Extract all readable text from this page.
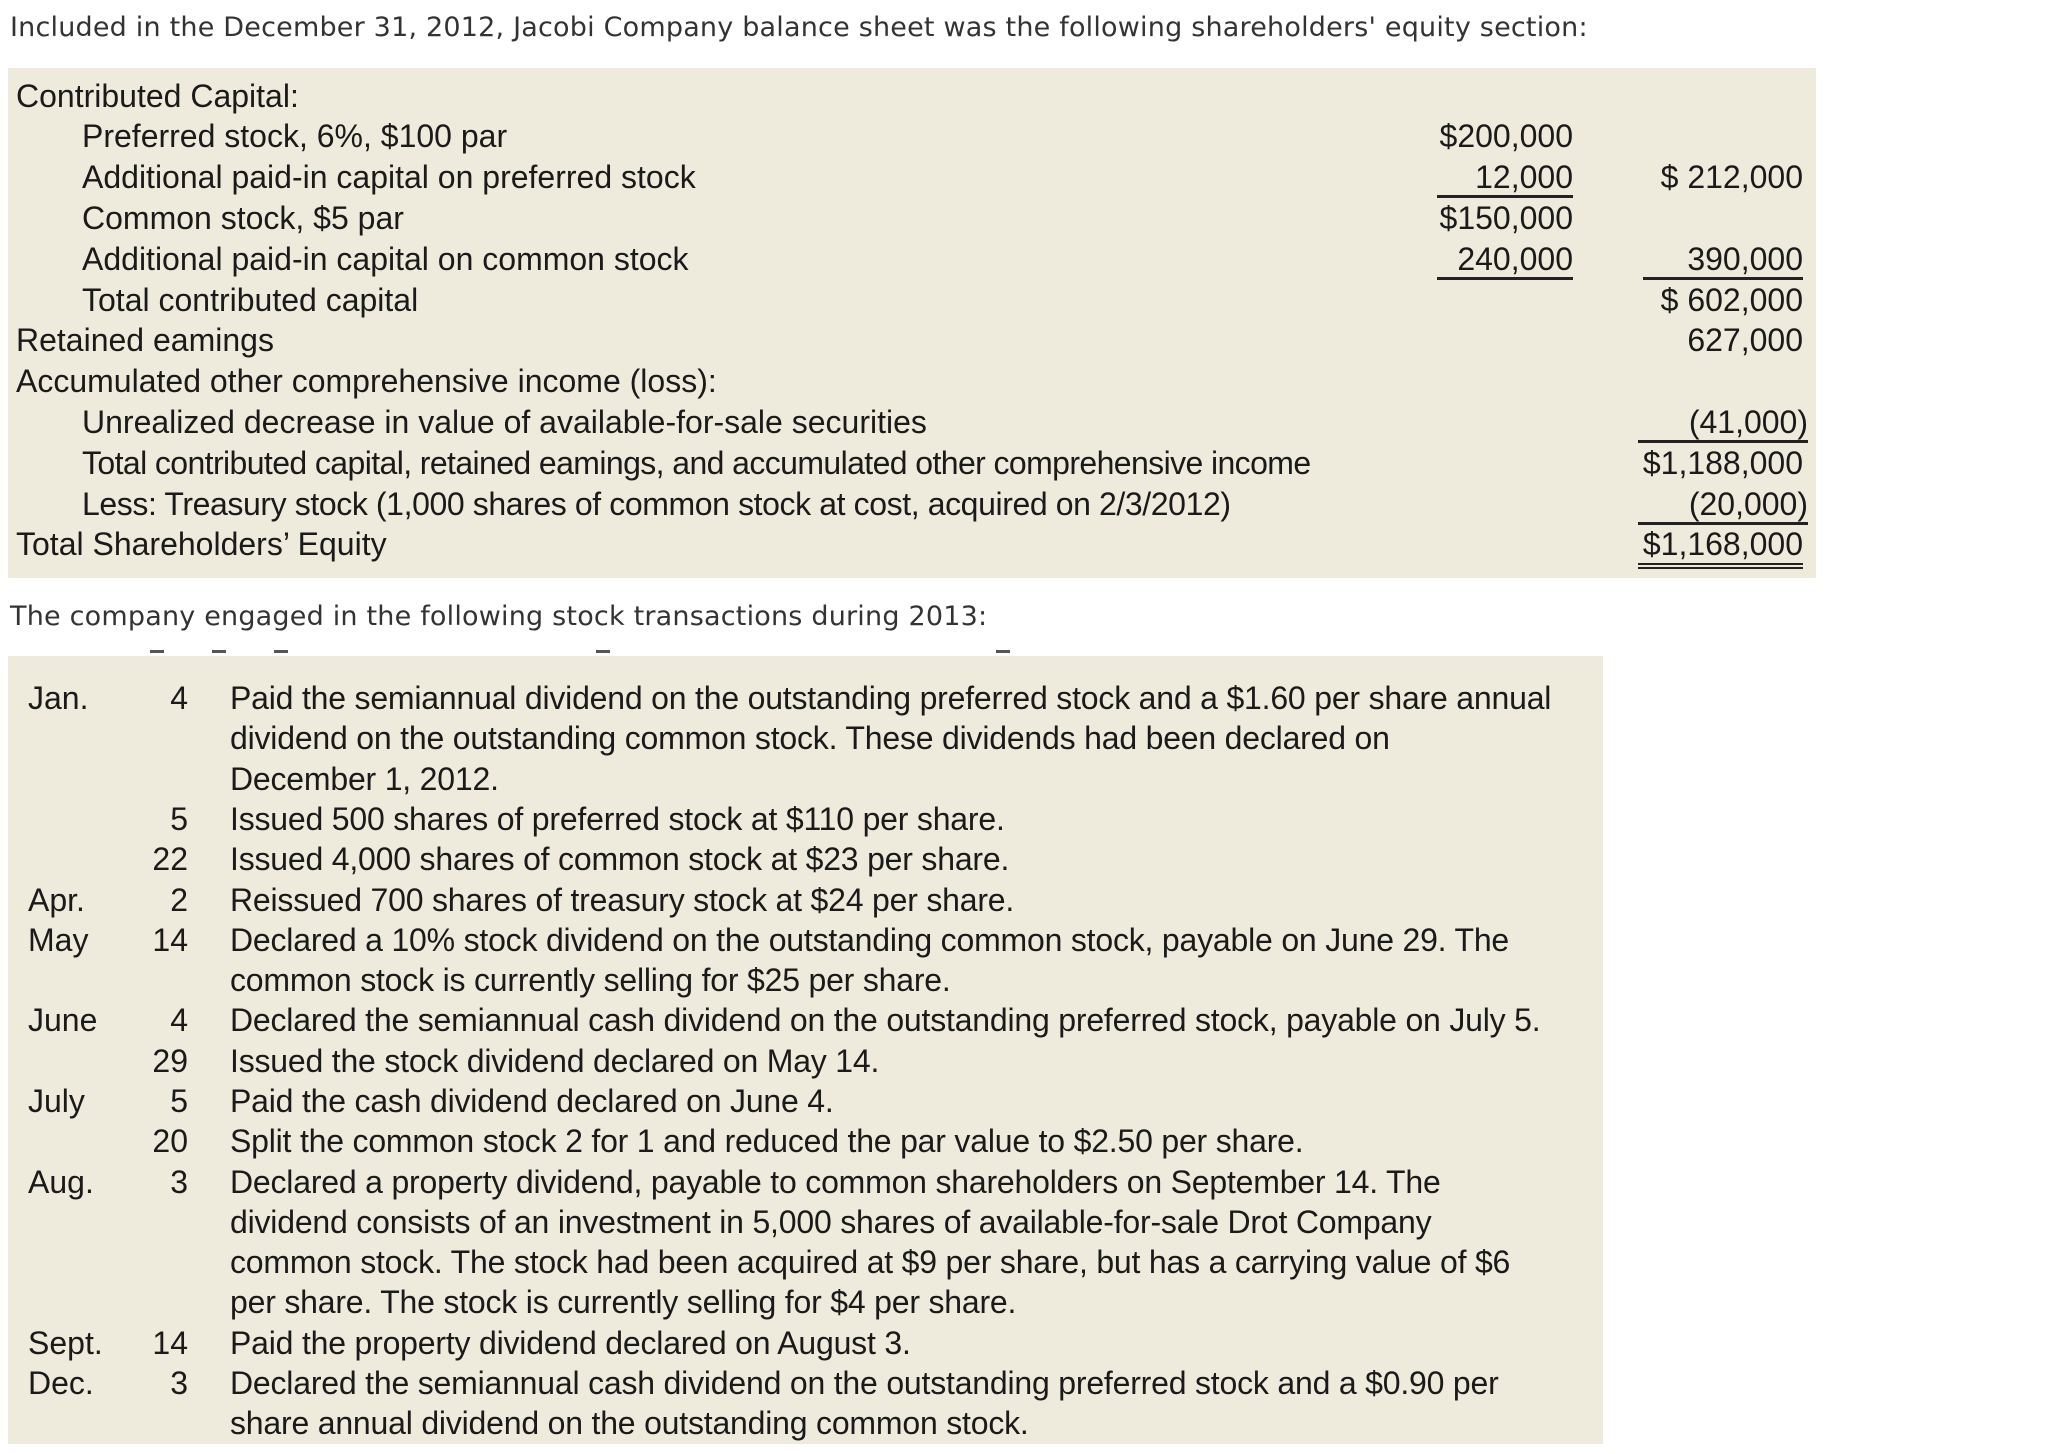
Included in the December 31, 2012, Jacobi Company balance sheet was the following shareholders' equity section:
Contributed Capital:
Preferred stock, 6%, $100 par	$200,000
Additional paid-in capital on preferred stock	12,000	$ 212,000
Common stock, $5 par	$150,000
Additional paid-in capital on common stock	240,000	390,000
Total contributed capital	$ 602,000
Retained eamings	627,000
Accumulated other comprehensive income (loss):
Unrealized decrease in value of available-for-sale securities	(41,000)
Total contributed capital, retained eamings, and accumulated other comprehensive income	$1,188,000
Less: Treasury stock (1,000 shares of common stock at cost, acquired on 2/3/2012)	(20,000)
Total Shareholders’ Equity	$1,168,000
The company engaged in the following stock transactions during 2013:
Jan.	4 Paid the semiannual dividend on the outstanding preferred stock and a $1.60 per share annual
dividend on the outstanding common stock. These dividends had been declared on
December 1, 2012.
5 Issued 500 shares of preferred stock at $110 per share.
22 Issued 4,000 shares of common stock at $23 per share.
Apr.	2 Reissued 700 shares of treasury stock at $24 per share.
May	14 Declared a 10% stock dividend on the outstanding common stock, payable on June 29. The
common stock is currently selling for $25 per share.
June	4 Declared the semiannual cash dividend on the outstanding preferred stock, payable on July 5.
29 Issued the stock dividend declared on May 14.
July	5 Paid the cash dividend declared on June 4.
20 Split the common stock 2 for 1 and reduced the par value to $2.50 per share.
Aug.	3 Declared a property dividend, payable to common shareholders on September 14. The
dividend consists of an investment in 5,000 shares of available-for-sale Drot Company
common stock. The stock had been acquired at $9 per share, but has a carrying value of $6
per share. The stock is currently selling for $4 per share.
Sept.	14 Paid the property dividend declared on August 3.
Dec.	3 Declared the semiannual cash dividend on the outstanding preferred stock and a $0.90 per
share annual dividend on the outstanding common stock.
